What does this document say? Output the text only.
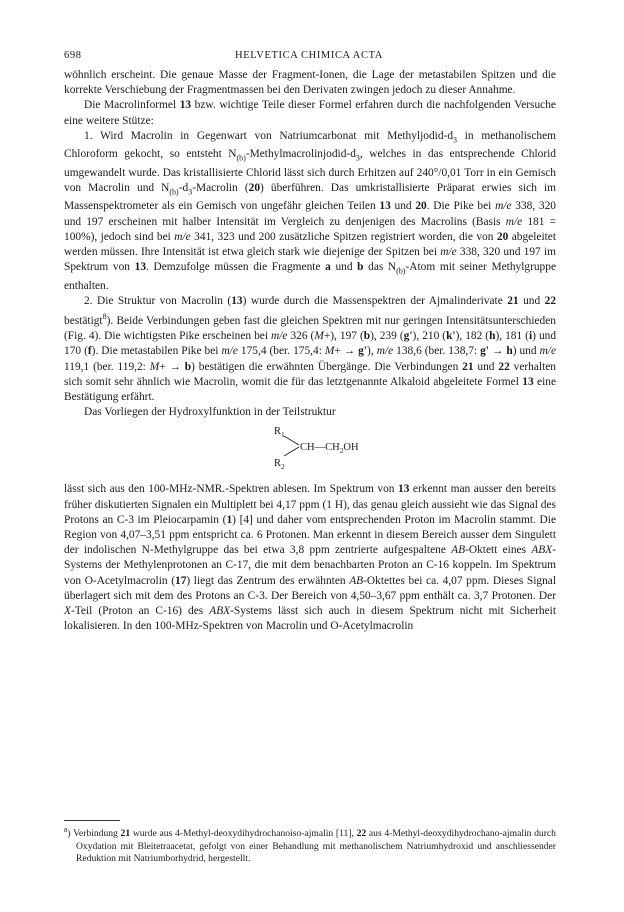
698	HELVETICA CHIMICA ACTA

wöhnlich erscheint. Die genaue Masse der Fragment-Ionen, die Lage der metastabilen Spitzen und die korrekte Verschiebung der Fragmentmassen bei den Derivaten zwingen jedoch zu dieser Annahme.

Die Macrolinformel 13 bzw. wichtige Teile dieser Formel erfahren durch die nachfolgenden Versuche eine weitere Stütze:

1. Wird Macrolin in Gegenwart von Natriumcarbonat mit Methyljodid-$d_3$ in methanolischem Chloroform gekocht, so entsteht $N_{(b)}-Methylmacrolinjodid-d_3$, welches in das entsprechende Chlorid umgewandelt wurde. Das kristallisierte Chlorid lässt sich durch Erhitzen auf 240°/0,01 Torr in ein Gemisch von Macrolin und $N_{(b)}-d_3$-Macrolin (20) überführen. Das umkristallisierte Präparat erwies sich im Massenspektrometer als ein Gemisch von ungefähr gleichen Teilen 13 und 20. Die Pike bei m/e 338, 320 und 197 erscheinen mit halber Intensität im Vergleich zu denjenigen des Macrolins (Basis m/e 181 = 100%), jedoch sind bei m/e 341, 323 und 200 zusätzliche Spitzen registriert worden, die von 20 abgeleitet werden müssen. Ihre Intensität ist etwa gleich stark wie diejenige der Spitzen bei m/e 338, 320 und 197 im Spektrum von 13. Demzufolge müssen die Fragmente a und b das $N_{(b)}$-Atom mit seiner Methylgruppe enthalten.

2. Die Struktur von Macrolin (13) wurde durch die Massenspektren der Ajmalinderivate 21 und 22 bestätigt$^8$). Beide Verbindungen geben fast die gleichen Spektren mit nur geringen Intensitätsunterschieden (Fig. 4). Die wichtigsten Pike erscheinen bei m/e 326 (M+), 197 (b), 239 (g'), 210 (k'), 182 (h), 181 (i) und 170 (f). Die metastabilen Pike bei m/e 175,4 (ber. 175,4: M+ → g'), m/e 138,6 (ber. 138,7: g' → h) und m/e 119,1 (ber. 119,2: M+ → b) bestätigen die erwähnten Übergänge. Die Verbindungen 21 und 22 verhalten sich somit sehr ähnlich wie Macrolin, womit die für das letztgenannte Alkaloid abgeleitete Formel 13 eine Bestätigung erfährt.

Das Vorliegen der Hydroxylfunktion in der Teilstruktur

$R_1$
$CH—CH_2OH$
$R_2$

lässt sich aus den 100-MHz-NMR.-Spektren ablesen. Im Spektrum von 13 erkennt man ausser den bereits früher diskutierten Signalen ein Multiplett bei 4,17 ppm (1 H), das genau gleich aussieht wie das Signal des Protons an C-3 im Pleiocarpamin (1) [4] und daher vom entsprechenden Proton im Macrolin stammt. Die Region von 4,07–3,51 ppm entspricht ca. 6 Protonen. Man erkennt in diesem Bereich ausser dem Singulett der indolischen N-Methylgruppe das bei etwa 3,8 ppm zentrierte aufgespaltene AB-Oktett eines ABX-Systems der Methylenprotonen an C-17, die mit dem benachbarten Proton an C-16 koppeln. Im Spektrum von O-Acetylmacrolin (17) liegt das Zentrum des erwähnten AB-Oktettes bei ca. 4,07 ppm. Dieses Signal überlagert sich mit dem des Protons an C-3. Der Bereich von 4,50–3,67 ppm enthält ca. 3,7 Protonen. Der X-Teil (Proton an C-16) des ABX-Systems lässt sich auch in diesem Spektrum nicht mit Sicherheit lokalisieren. In den 100-MHz-Spektren von Macrolin und O-Acetylmacrolin

$^8$) Verbindung 21 wurde aus 4-Methyl-deoxydihydrochanoiso-ajmalin [11], 22 aus 4-Methyl-deoxydihydrochano-ajmalin durch Oxydation mit Bleitetraacetat, gefolgt von einer Behandlung mit methanolischem Natriumhydroxid und anschliessender Reduktion mit Natriumborhydrid, hergestellt.
